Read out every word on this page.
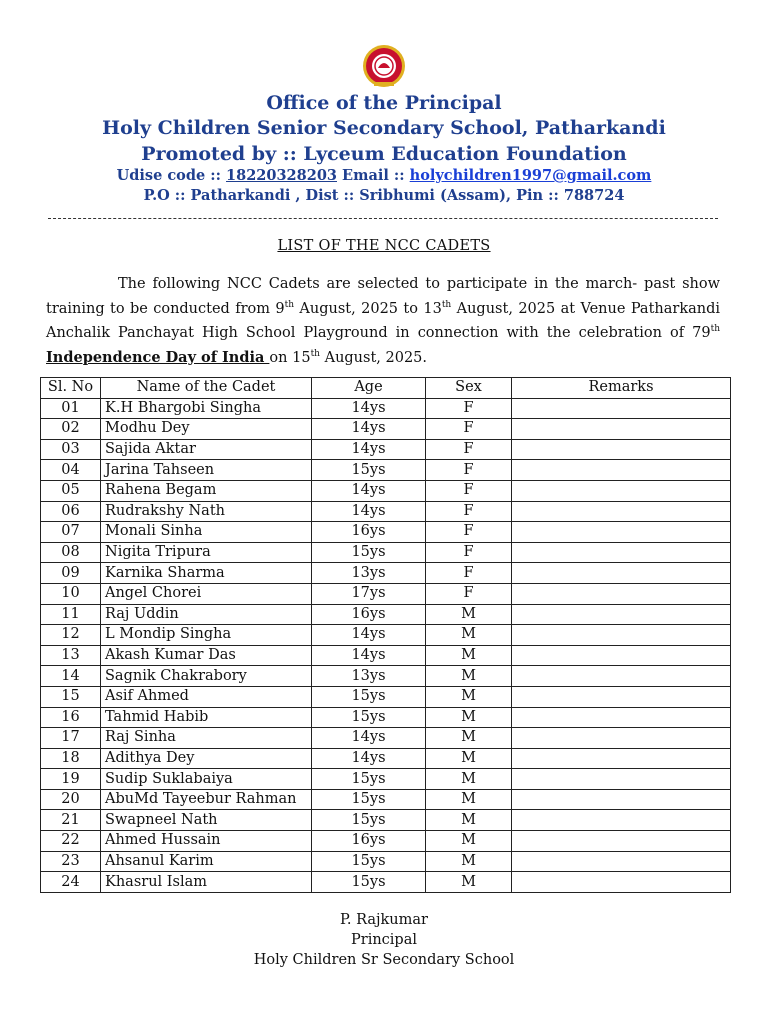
Office of the Principal
Holy Children Senior Secondary School, Patharkandi
Promoted by :: Lyceum Education Foundation
Udise code :: 18220328203 Email :: holychildren1997@gmail.com
P.O :: Patharkandi , Dist :: Sribhumi (Assam), Pin :: 788724
LIST OF THE NCC CADETS
The following NCC Cadets are selected to participate in the march- past show training to be conducted from 9th August, 2025 to 13th August, 2025 at Venue Patharkandi Anchalik Panchayat High School Playground in connection with the celebration of 79th Independence Day of India on 15th August, 2025.
Sl. No	Name of the Cadet	Age	Sex	Remarks
01	K.H Bhargobi Singha	14ys	F	
02	Modhu Dey	14ys	F	
03	Sajida Aktar	14ys	F	
04	Jarina Tahseen	15ys	F	
05	Rahena Begam	14ys	F	
06	Rudrakshy Nath	14ys	F	
07	Monali Sinha	16ys	F	
08	Nigita Tripura	15ys	F	
09	Karnika Sharma	13ys	F	
10	Angel Chorei	17ys	F	
11	Raj Uddin	16ys	M	
12	L Mondip Singha	14ys	M	
13	Akash Kumar Das	14ys	M	
14	Sagnik Chakrabory	13ys	M	
15	Asif Ahmed	15ys	M	
16	Tahmid Habib	15ys	M	
17	Raj Sinha	14ys	M	
18	Adithya Dey	14ys	M	
19	Sudip Suklabaiya	15ys	M	
20	AbuMd Tayeebur Rahman	15ys	M	
21	Swapneel Nath	15ys	M	
22	Ahmed Hussain	16ys	M	
23	Ahsanul Karim	15ys	M	
24	Khasrul Islam	15ys	M	
P. Rajkumar
Principal
Holy Children Sr Secondary School
